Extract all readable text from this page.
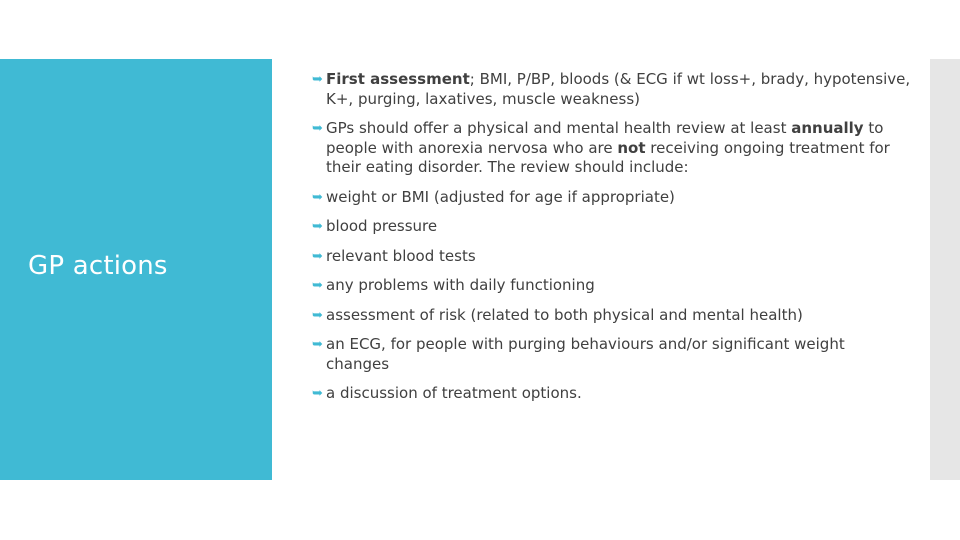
GP actions
➥ First assessment; BMI, P/BP, bloods (& ECG if wt loss+, brady, hypotensive, K+, purging, laxatives, muscle weakness)
➥ GPs should offer a physical and mental health review at least annually to people with anorexia nervosa who are not receiving ongoing treatment for their eating disorder. The review should include:
➥ weight or BMI (adjusted for age if appropriate)
➥ blood pressure
➥ relevant blood tests
➥ any problems with daily functioning
➥ assessment of risk (related to both physical and mental health)
➥ an ECG, for people with purging behaviours and/or significant weight changes
➥ a discussion of treatment options.
